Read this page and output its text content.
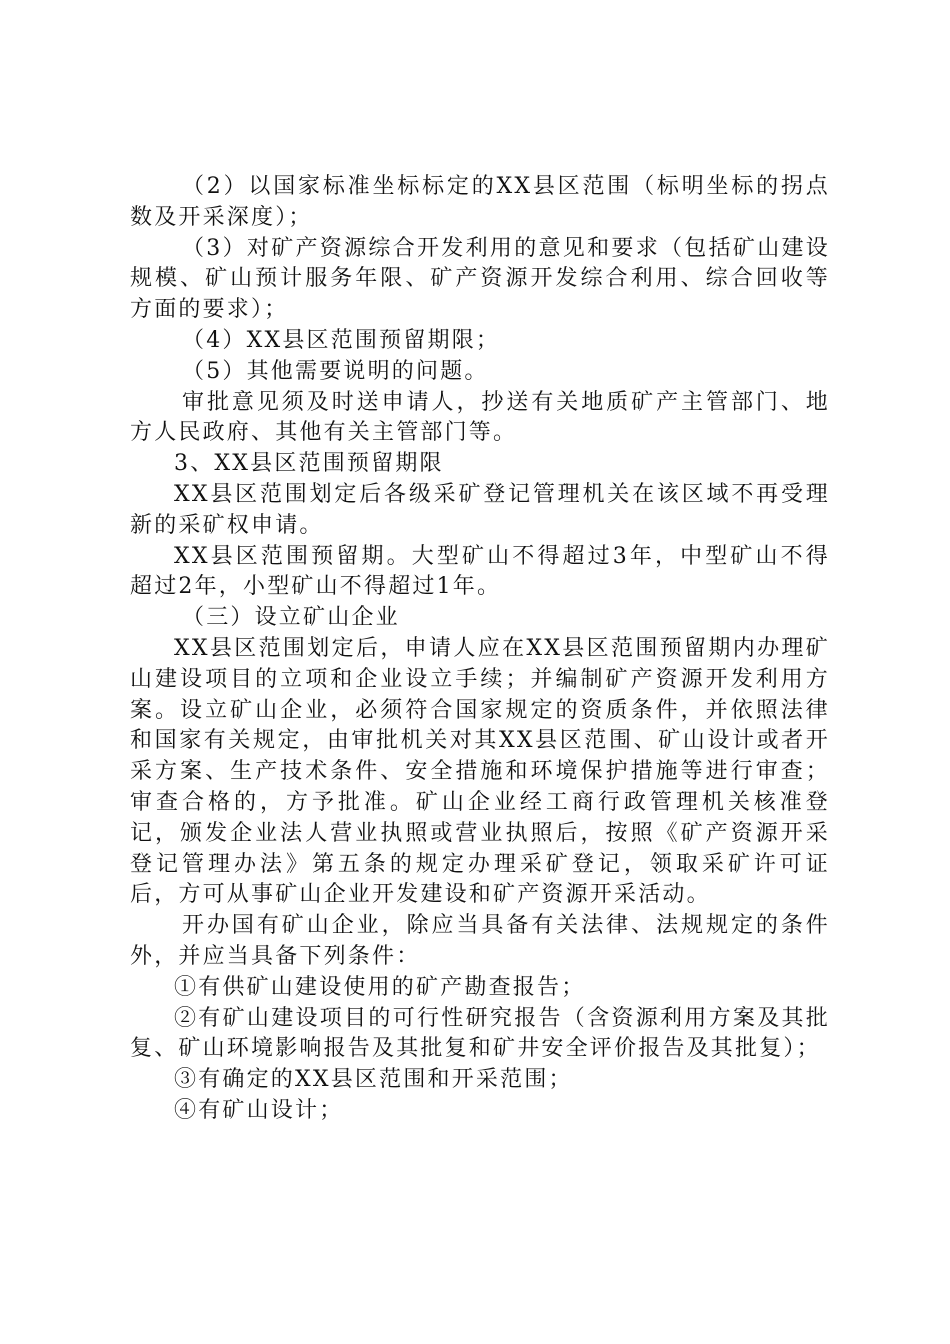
（2）以国家标准坐标标定的XX县区范围（标明坐标的拐点数及开采深度）；

（3）对矿产资源综合开发利用的意见和要求（包括矿山建设规模、矿山预计服务年限、矿产资源开发综合利用、综合回收等方面的要求）；

（4）XX县区范围预留期限；

（5）其他需要说明的问题。

审批意见须及时送申请人，抄送有关地质矿产主管部门、地方人民政府、其他有关主管部门等。

3、XX县区范围预留期限

XX县区范围划定后各级采矿登记管理机关在该区域不再受理新的采矿权申请。

XX县区范围预留期。大型矿山不得超过3年，中型矿山不得超过2年，小型矿山不得超过1年。

（三）设立矿山企业

XX县区范围划定后，申请人应在XX县区范围预留期内办理矿山建设项目的立项和企业设立手续；并编制矿产资源开发利用方案。设立矿山企业，必须符合国家规定的资质条件，并依照法律和国家有关规定，由审批机关对其XX县区范围、矿山设计或者开采方案、生产技术条件、安全措施和环境保护措施等进行审查；审查合格的，方予批准。矿山企业经工商行政管理机关核准登记，颁发企业法人营业执照或营业执照后，按照《矿产资源开采登记管理办法》第五条的规定办理采矿登记，领取采矿许可证后，方可从事矿山企业开发建设和矿产资源开采活动。

开办国有矿山企业，除应当具备有关法律、法规规定的条件外，并应当具备下列条件：

①有供矿山建设使用的矿产勘查报告；

②有矿山建设项目的可行性研究报告（含资源利用方案及其批复、矿山环境影响报告及其批复和矿井安全评价报告及其批复）；

③有确定的XX县区范围和开采范围；

④有矿山设计；
